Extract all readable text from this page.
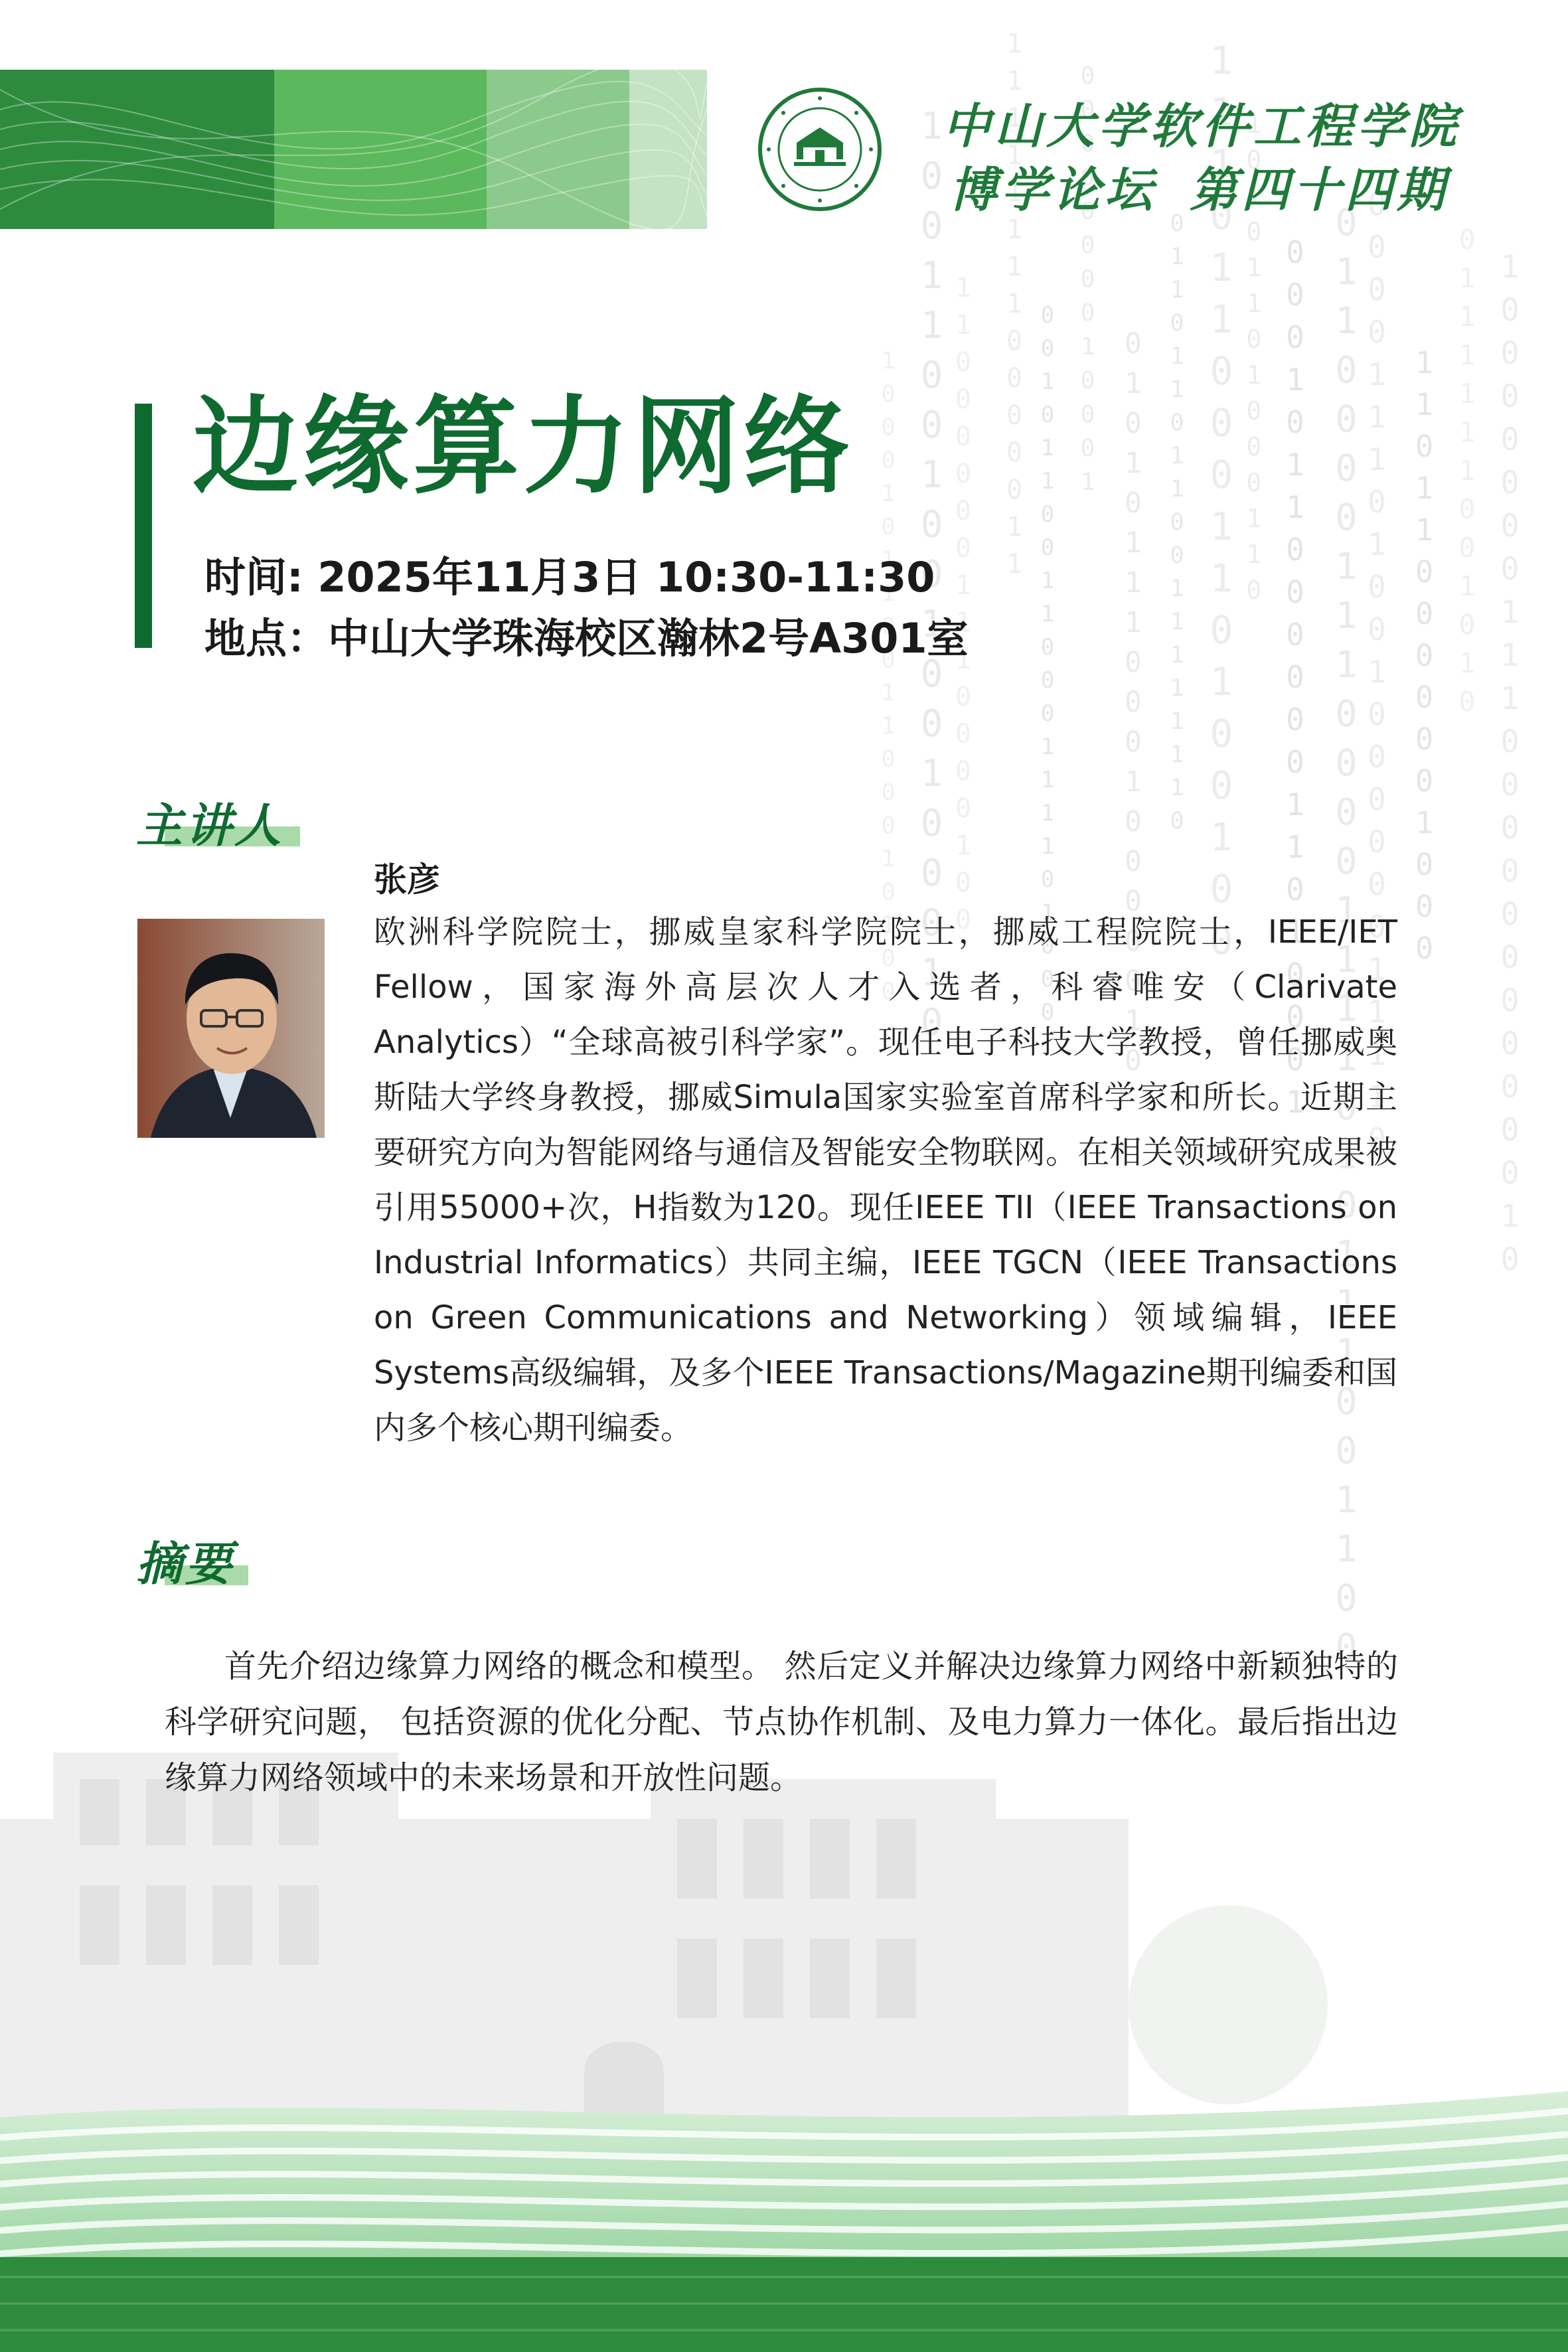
10001011001100010100 1001100100100100010
110000001110000100 111111110000011 0010110011000111101000
0000000010001
0101011100010000010 0110110110011111110 111011000110100100
10101101000110 000101100000011010001 011000011100001111010111001100
00001110100100000011110 110110000001000 0111111001010 100000001110000000000010
中山大学软件工程学院
博学论坛 第四十四期
边缘算力网络
时间: 2025年11月3日 10:30-11:30
地点：中山大学珠海校区瀚林2号A301室
主讲人
张彦
欧洲科学院院士，挪威皇家科学院院士，挪威工程院院士，IEEE/IET Fellow，国家海外高层次人才入选者，科睿唯安（Clarivate Analytics）“全球高被引科学家”。现任电子科技大学教授，曾任挪威奥斯陆大学终身教授，挪威Simula国家实验室首席科学家和所长。近期主要研究方向为智能网络与通信及智能安全物联网。在相关领域研究成果被引用55000+次，H指数为120。现任IEEE TII（IEEE Transactions on Industrial Informatics）共同主编，IEEE TGCN（IEEE Transactions on Green Communications and Networking）领域编辑，IEEE Systems高级编辑，及多个IEEE Transactions/Magazine期刊编委和国内多个核心期刊编委。
摘要
首先介绍边缘算力网络的概念和模型。 然后定义并解决边缘算力网络中新颖独特的科学研究问题， 包括资源的优化分配、节点协作机制、及电力算力一体化。最后指出边缘算力网络领域中的未来场景和开放性问题。
